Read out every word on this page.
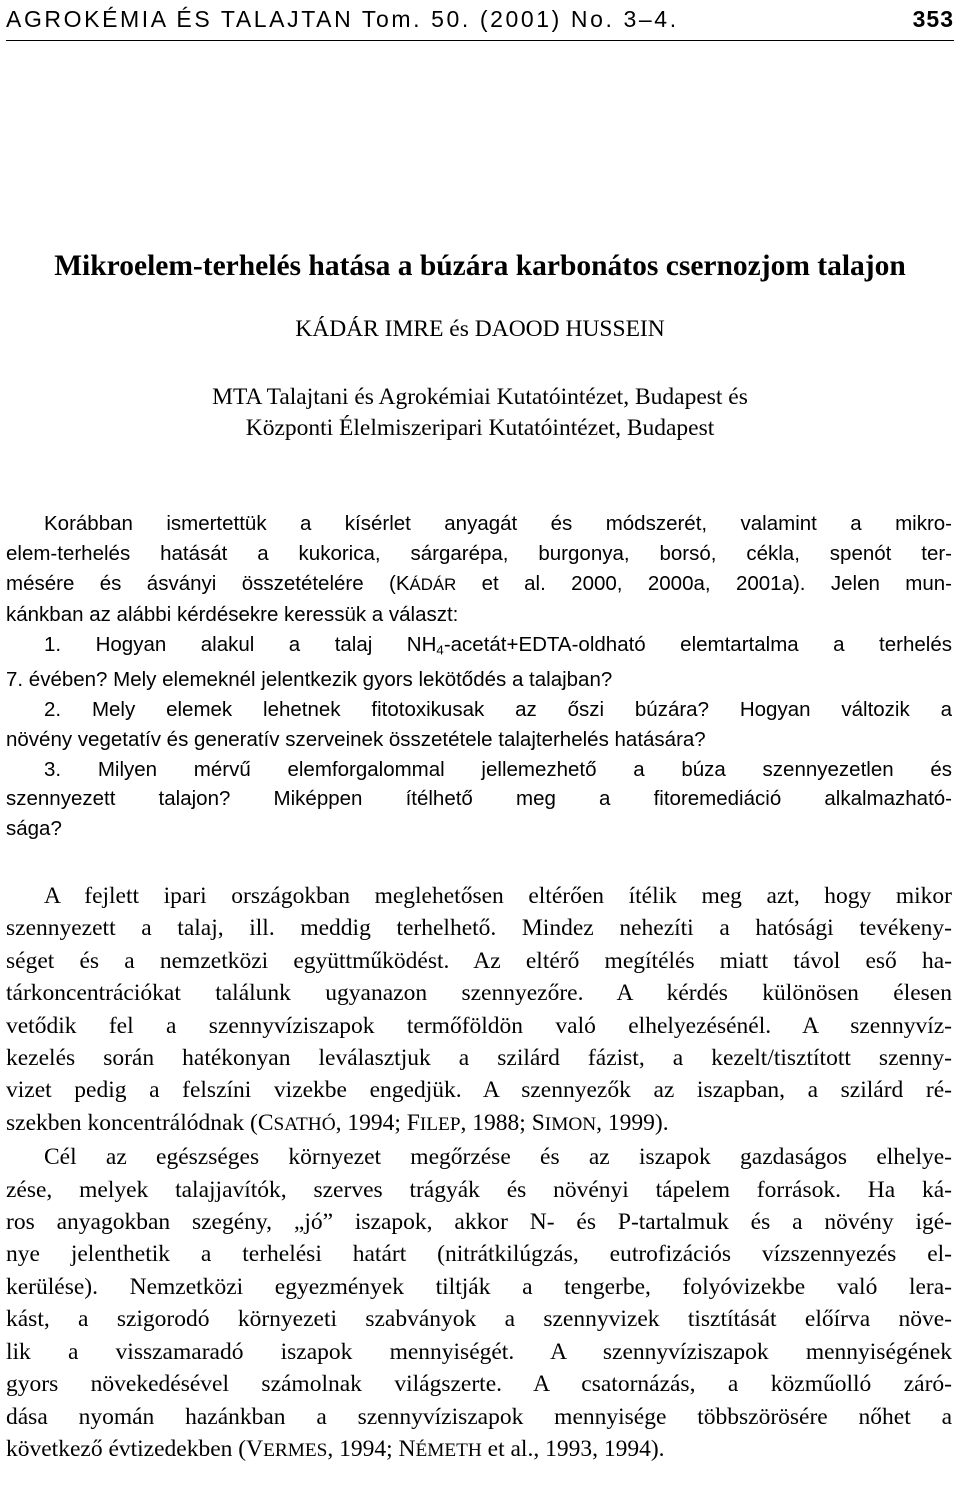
AGROKÉMIA ÉS TALAJTAN Tom. 50. (2001) No. 3–4.	353
Mikroelem-terhelés hatása a búzára karbonátos csernozjom talajon
KÁDÁR IMRE és DAOOD HUSSEIN
MTA Talajtani és Agrokémiai Kutatóintézet, Budapest és
Központi Élelmiszeripari Kutatóintézet, Budapest
Korábban ismertettük a kísérlet anyagát és módszerét, valamint a mikro-
elem-terhelés hatását a kukorica, sárgarépa, burgonya, borsó, cékla, spenót ter-
mésére és ásványi összetételére (KÁDÁR et al. 2000, 2000a, 2001a). Jelen mun-
kánkban az alábbi kérdésekre keressük a választ:
1. Hogyan alakul a talaj $NH_4-acetát+EDTA$-oldható elemtartalma a terhelés
7. évében? Mely elemeknél jelentkezik gyors lekötődés a talajban?
2. Mely elemek lehetnek fitotoxikusak az őszi búzára? Hogyan változik a
növény vegetatív és generatív szerveinek összetétele talajterhelés hatására?
3. Milyen mérvű elemforgalommal jellemezhető a búza szennyezetlen és
szennyezett talajon? Miképpen ítélhető meg a fitoremediáció alkalmazható-
sága?
A fejlett ipari országokban meglehetősen eltérően ítélik meg azt, hogy mikor
szennyezett a talaj, ill. meddig terhelhető. Mindez nehezíti a hatósági tevékeny-
séget és a nemzetközi együttműködést. Az eltérő megítélés miatt távol eső ha-
tárkoncentrációkat találunk ugyanazon szennyezőre. A kérdés különösen élesen
vetődik fel a szennyvíziszapok termőföldön való elhelyezésénél. A szennyvíz-
kezelés során hatékonyan leválasztjuk a szilárd fázist, a kezelt/tisztított szenny-
vizet pedig a felszíni vizekbe engedjük. A szennyezők az iszapban, a szilárd ré-
szekben koncentrálódnak (CSATHÓ, 1994; FILEP, 1988; SIMON, 1999).
Cél az egészséges környezet megőrzése és az iszapok gazdaságos elhelye-
zése, melyek talajjavítók, szerves trágyák és növényi tápelem források. Ha ká-
ros anyagokban szegény, „jó” iszapok, akkor N- és P-tartalmuk és a növény igé-
nye jelenthetik a terhelési határt (nitrátkilúgzás, eutrofizációs vízszennyezés el-
kerülése). Nemzetközi egyezmények tiltják a tengerbe, folyóvizekbe való lera-
kást, a szigorodó környezeti szabványok a szennyvizek tisztítását előírva növe-
lik a visszamaradó iszapok mennyiségét. A szennyvíziszapok mennyiségének
gyors növekedésével számolnak világszerte. A csatornázás, a közműolló záró-
dása nyomán hazánkban a szennyvíziszapok mennyisége többszörösére nőhet a
következő évtizedekben (VERMES, 1994; NÉMETH et al., 1993, 1994).
